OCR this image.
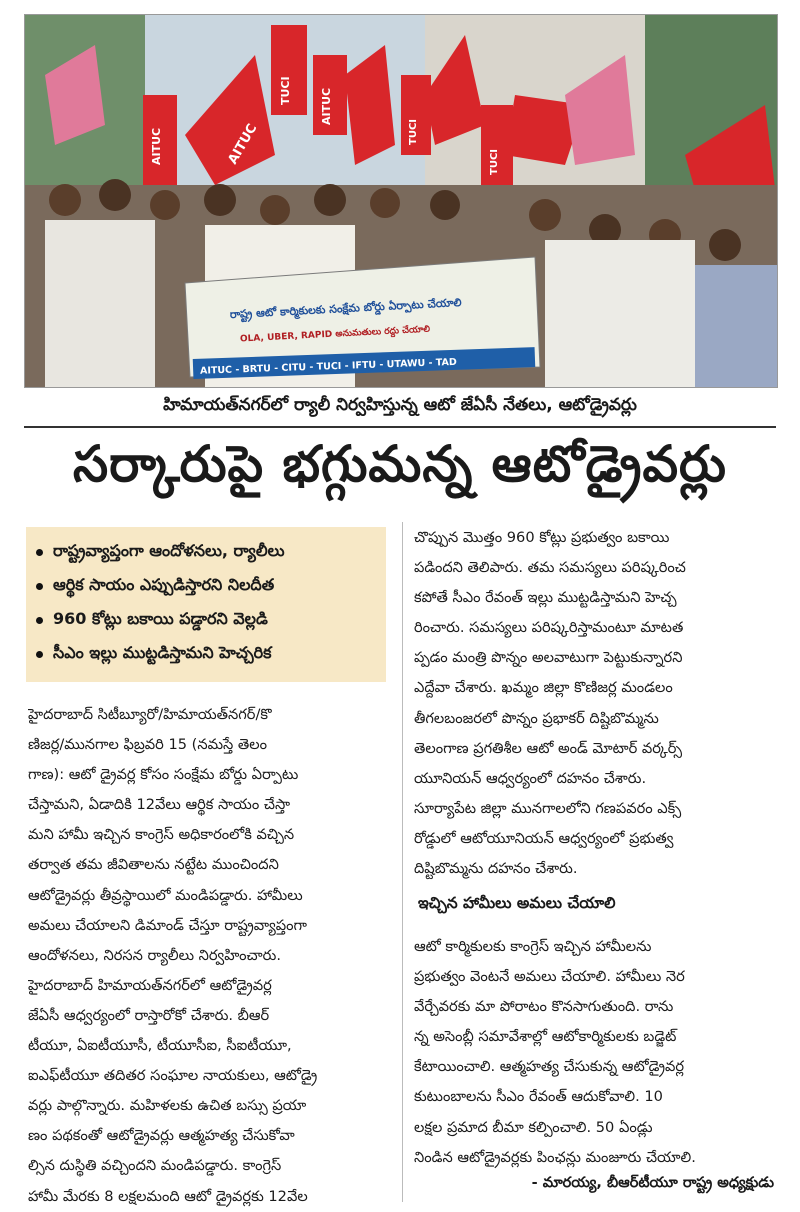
AITUC
TUCI	AITUC
TUCI
TUCI
AITUC
రాష్ట్ర ఆటో కార్మికులకు సంక్షేమ బోర్డు ఏర్పాటు చేయాలి
OLA, UBER, RAPID అనుమతులు రద్దు చేయాలి
AITUC - BRTU - CITU - TUCI - IFTU - UTAWU - TAD
హిమాయత్‌నగర్‌లో ర్యాలీ నిర్వహిస్తున్న ఆటో జేఏసీ నేతలు, ఆటోడ్రైవర్లు
సర్కారుపై భగ్గుమన్న ఆటోడ్రైవర్లు
రాష్ట్రవ్యాప్తంగా ఆందోళనలు, ర్యాలీలు
ఆర్థిక సాయం ఎప్పుడిస్తారని నిలదీత
960 కోట్లు బకాయి పడ్డారని వెల్లడి
సీఎం ఇల్లు ముట్టడిస్తామని హెచ్చరిక
హైదరాబాద్ సిటీబ్యూరో/హిమాయత్‌నగర్/కొ
ణిజర్ల/మునగాల ఫిబ్రవరి 15 (నమస్తే తెలం
గాణ): ఆటో డ్రైవర్ల కోసం సంక్షేమ బోర్డు ఏర్పాటు
చేస్తామని, ఏడాదికి 12వేలు ఆర్థిక సాయం చేస్తా
మని హామీ ఇచ్చిన కాంగ్రెస్ అధికారంలోకి వచ్చిన
తర్వాత తమ జీవితాలను నట్టేట ముంచిందని
ఆటోడ్రైవర్లు తీవ్రస్థాయిలో మండిపడ్డారు. హామీలు
అమలు చేయాలని డిమాండ్ చేస్తూ రాష్ట్రవ్యాప్తంగా
ఆందోళనలు, నిరసన ర్యాలీలు నిర్వహించారు.
హైదరాబాద్ హిమాయత్‌నగర్‌లో ఆటోడ్రైవర్ల
జేఏసీ ఆధ్వర్యంలో రాస్తారోకో చేశారు. బీఆర్
టీయూ, ఏఐటీయూసీ, టీయూసీఐ, సీఐటీయూ,
ఐఎఫ్‌టీయూ తదితర సంఘాల నాయకులు, ఆటోడ్రై
వర్లు పాల్గొన్నారు. మహిళలకు ఉచిత బస్సు ప్రయా
ణం పథకంతో ఆటోడ్రైవర్లు ఆత్మహత్య చేసుకోవా
ల్సిన దుస్థితి వచ్చిందని మండిపడ్డారు. కాంగ్రెస్
హామీ మేరకు 8 లక్షలమంది ఆటో డ్రైవర్లకు 12వేల
చొప్పున మొత్తం 960 కోట్లు ప్రభుత్వం బకాయి
పడిందని తెలిపారు. తమ సమస్యలు పరిష్కరించ
కపోతే సీఎం రేవంత్ ఇల్లు ముట్టడిస్తామని హెచ్చ
రించారు. సమస్యలు పరిష్కరిస్తామంటూ మాటత
ప్పడం మంత్రి పొన్నం అలవాటుగా పెట్టుకున్నారని
ఎద్దేవా చేశారు. ఖమ్మం జిల్లా కొణిజర్ల మండలం
తీగలబంజరలో పొన్నం ప్రభాకర్ దిష్టిబొమ్మను
తెలంగాణ ప్రగతిశీల ఆటో అండ్ మోటార్ వర్కర్స్
యూనియన్ ఆధ్వర్యంలో దహనం చేశారు.
సూర్యాపేట జిల్లా మునగాలలోని గణపవరం ఎక్స్
రోడ్డులో ఆటోయూనియన్ ఆధ్వర్యంలో ప్రభుత్వ
దిష్టిబొమ్మను దహనం చేశారు.
ఇచ్చిన హామీలు అమలు చేయాలి
ఆటో కార్మికులకు కాంగ్రెస్ ఇచ్చిన హామీలను
ప్రభుత్వం వెంటనే అమలు చేయాలి. హామీలు నెర
వేర్చేవరకు మా పోరాటం కొనసాగుతుంది. రాను
న్న అసెంబ్లీ సమావేశాల్లో ఆటోకార్మికులకు బడ్జెట్
కేటాయించాలి. ఆత్మహత్య చేసుకున్న ఆటోడ్రైవర్ల
కుటుంబాలను సీఎం రేవంత్ ఆదుకోవాలి. 10
లక్షల ప్రమాద బీమా కల్పించాలి. 50 ఏండ్లు
నిండిన ఆటోడ్రైవర్లకు పింఛన్లు మంజూరు చేయాలి.
- మారయ్య, బీఆర్‌టీయూ రాష్ట్ర అధ్యక్షుడు
